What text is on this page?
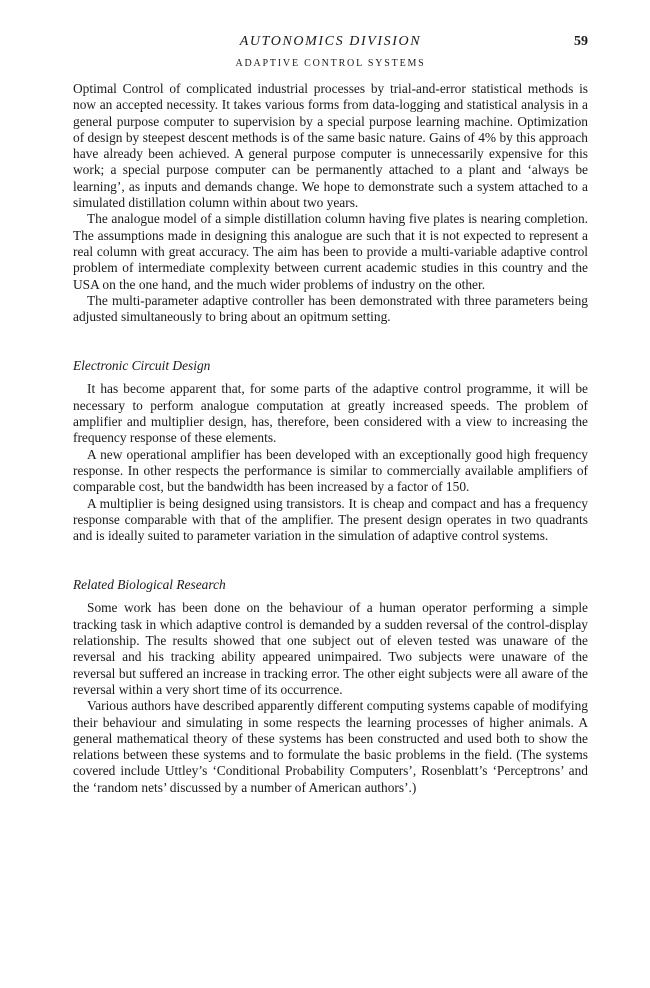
AUTONOMICS DIVISION	59
ADAPTIVE CONTROL SYSTEMS

Optimal Control of complicated industrial processes by trial-and-error statistical methods is now an accepted necessity. It takes various forms from data-logging and statistical analysis in a general purpose computer to supervision by a special purpose learning machine. Optimization of design by steepest descent methods is of the same basic nature. Gains of 4% by this approach have already been achieved. A general purpose computer is unnecessarily expensive for this work; a special purpose computer can be permanently attached to a plant and ‘always be learning’, as inputs and demands change. We hope to demonstrate such a system attached to a simulated distillation column within about two years.

The analogue model of a simple distillation column having five plates is nearing completion. The assumptions made in designing this analogue are such that it is not expected to represent a real column with great accuracy. The aim has been to provide a multi-variable adaptive control problem of intermediate complexity between current academic studies in this country and the USA on the one hand, and the much wider problems of industry on the other.

The multi-parameter adaptive controller has been demonstrated with three parameters being adjusted simultaneously to bring about an opitmum setting.

Electronic Circuit Design

It has become apparent that, for some parts of the adaptive control programme, it will be necessary to perform analogue computation at greatly increased speeds. The problem of amplifier and multiplier design, has, therefore, been considered with a view to increasing the frequency response of these elements.

A new operational amplifier has been developed with an exceptionally good high frequency response. In other respects the performance is similar to commercially available amplifiers of comparable cost, but the bandwidth has been increased by a factor of 150.

A multiplier is being designed using transistors. It is cheap and compact and has a frequency response comparable with that of the amplifier. The present design operates in two quadrants and is ideally suited to parameter variation in the simulation of adaptive control systems.

Related Biological Research

Some work has been done on the behaviour of a human operator performing a simple tracking task in which adaptive control is demanded by a sudden reversal of the control-display relationship. The results showed that one subject out of eleven tested was unaware of the reversal and his tracking ability appeared unimpaired. Two subjects were unaware of the reversal but suffered an increase in tracking error. The other eight subjects were all aware of the reversal within a very short time of its occurrence.

Various authors have described apparently different computing systems capable of modifying their behaviour and simulating in some respects the learning processes of higher animals. A general mathematical theory of these systems has been constructed and used both to show the relations between these systems and to formulate the basic problems in the field. (The systems covered include Uttley’s ‘Conditional Probability Computers’, Rosenblatt’s ‘Perceptrons’ and the ‘random nets’ discussed by a number of American authors’.)
